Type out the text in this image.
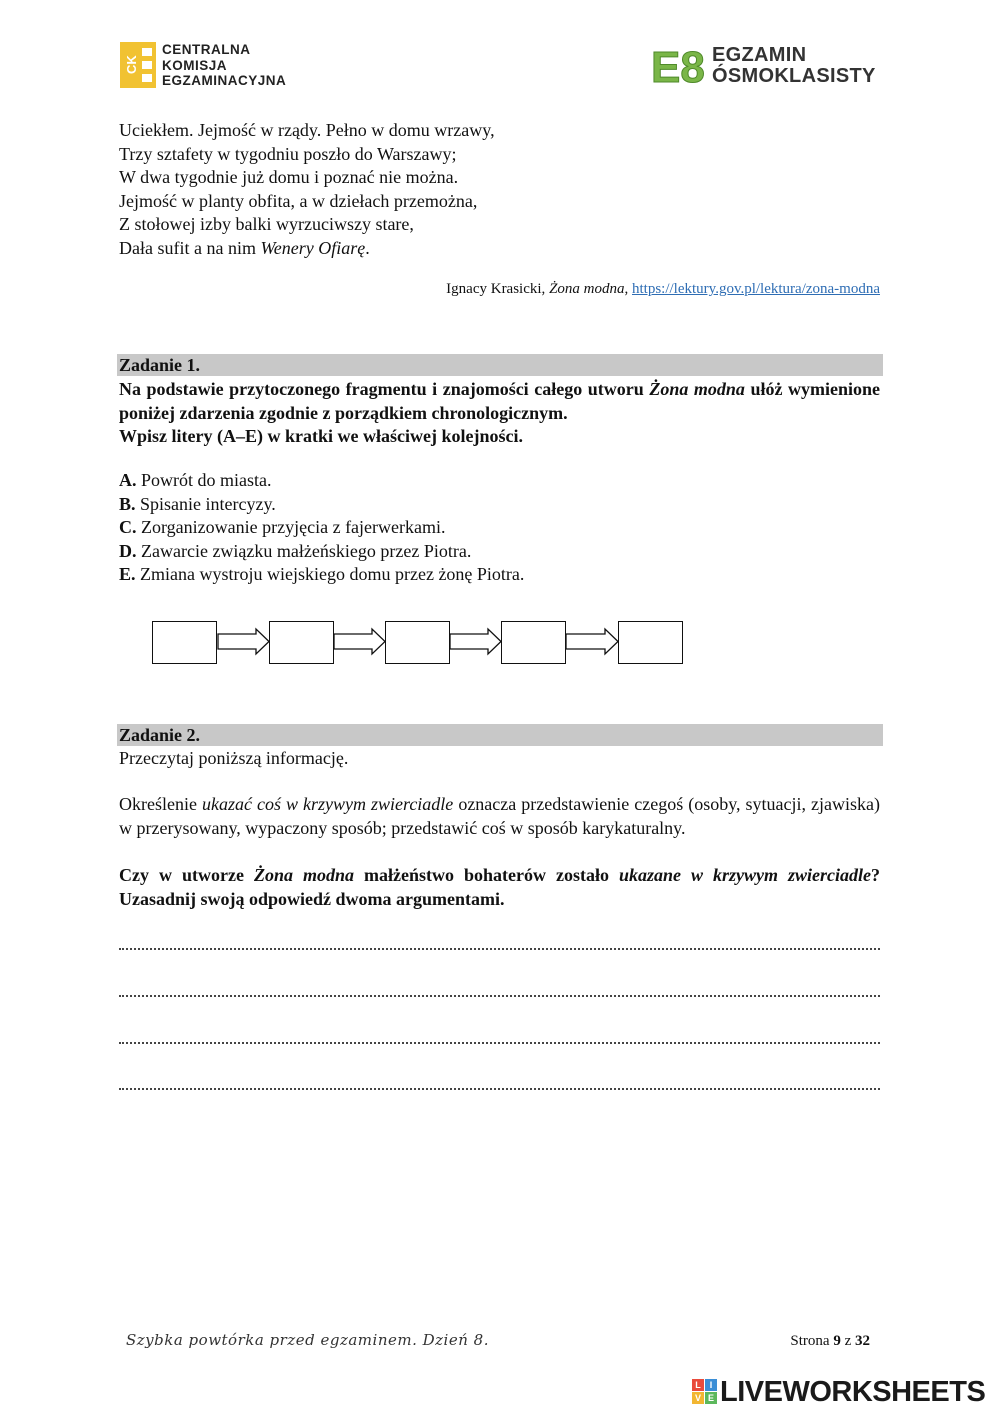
CK
CENTRALNA
KOMISJA
EGZAMINACYJNA	E8 EGZAMIN
ÓSMOKLASISTY
Uciekłem. Jejmość w rządy. Pełno w domu wrzawy,
Trzy sztafety w tygodniu poszło do Warszawy;
W dwa tygodnie już domu i poznać nie można.
Jejmość w planty obfita, a w dziełach przemożna,
Z stołowej izby balki wyrzuciwszy stare,
Dała sufit a na nim Wenery Ofiarę.
Ignacy Krasicki, Żona modna, https://lektury.gov.pl/lektura/zona-modna
Zadanie 1.
Na podstawie przytoczonego fragmentu i znajomości całego utworu Żona modna ułóż wymienione poniżej zdarzenia zgodnie z porządkiem chronologicznym.
Wpisz litery (A–E) w kratki we właściwej kolejności.
A. Powrót do miasta.
B. Spisanie intercyzy.
C. Zorganizowanie przyjęcia z fajerwerkami.
D. Zawarcie związku małżeńskiego przez Piotra.
E. Zmiana wystroju wiejskiego domu przez żonę Piotra.
Zadanie 2.
Przeczytaj poniższą informację.
Określenie ukazać coś w krzywym zwierciadle oznacza przedstawienie czegoś (osoby, sytuacji, zjawiska) w przerysowany, wypaczony sposób; przedstawić coś w sposób karykaturalny.
Czy w utworze Żona modna małżeństwo bohaterów zostało ukazane w krzywym zwierciadle? Uzasadnij swoją odpowiedź dwoma argumentami.
Szybka powtórka przed egzaminem. Dzień 8.	Strona 9 z 32
L I
V E LIVEWORKSHEETS
